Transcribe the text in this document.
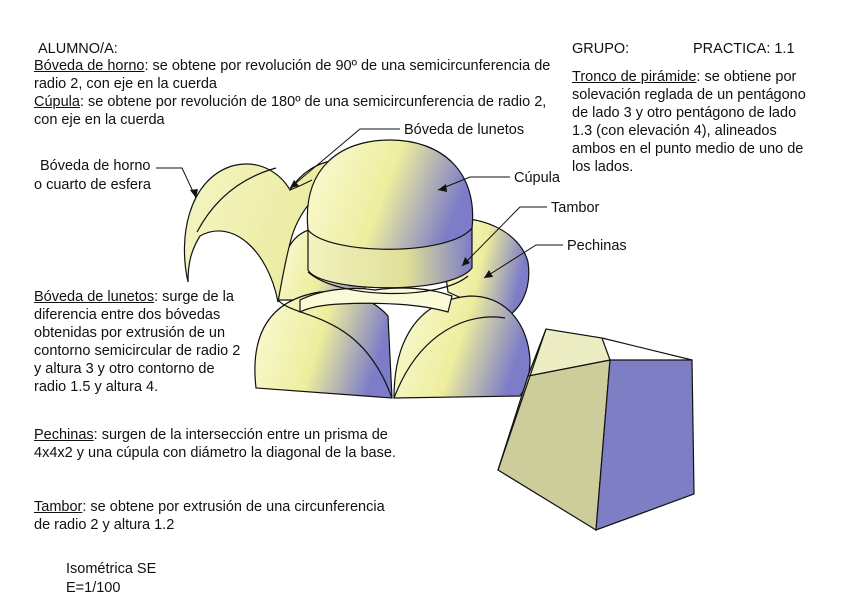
ALUMNO/A:	GRUPO:	PRACTICA: 1.1
Bóveda de horno: se obtene por revolución de 90º de una semicircunferencia de
radio 2, con eje en la cuerda
Cúpula: se obtene por revolución de 180º de una semicircunferencia de radio 2,
con eje en la cuerda
Tronco de pirámide: se obtiene por
solevación reglada de un pentágono
de lado 3 y otro pentágono de lado
1.3 (con elevación 4), alineados
ambos en el punto medio de uno de
los lados.
Bóveda de lunetos: surge de la
diferencia entre dos bóvedas
obtenidas por extrusión de un
contorno semicircular de radio 2
y altura 3 y otro contorno de
radio 1.5 y altura 4.
Pechinas: surgen de la intersección entre un prisma de
4x4x2 y una cúpula con diámetro la diagonal de la base.
Tambor: se obtene por extrusión de una circunferencia
de radio 2 y altura 1.2
Isométrica SE
E=1/100
Bóveda de horno
o cuarto de esfera
Bóveda de lunetos
Cúpula
Tambor
Pechinas
